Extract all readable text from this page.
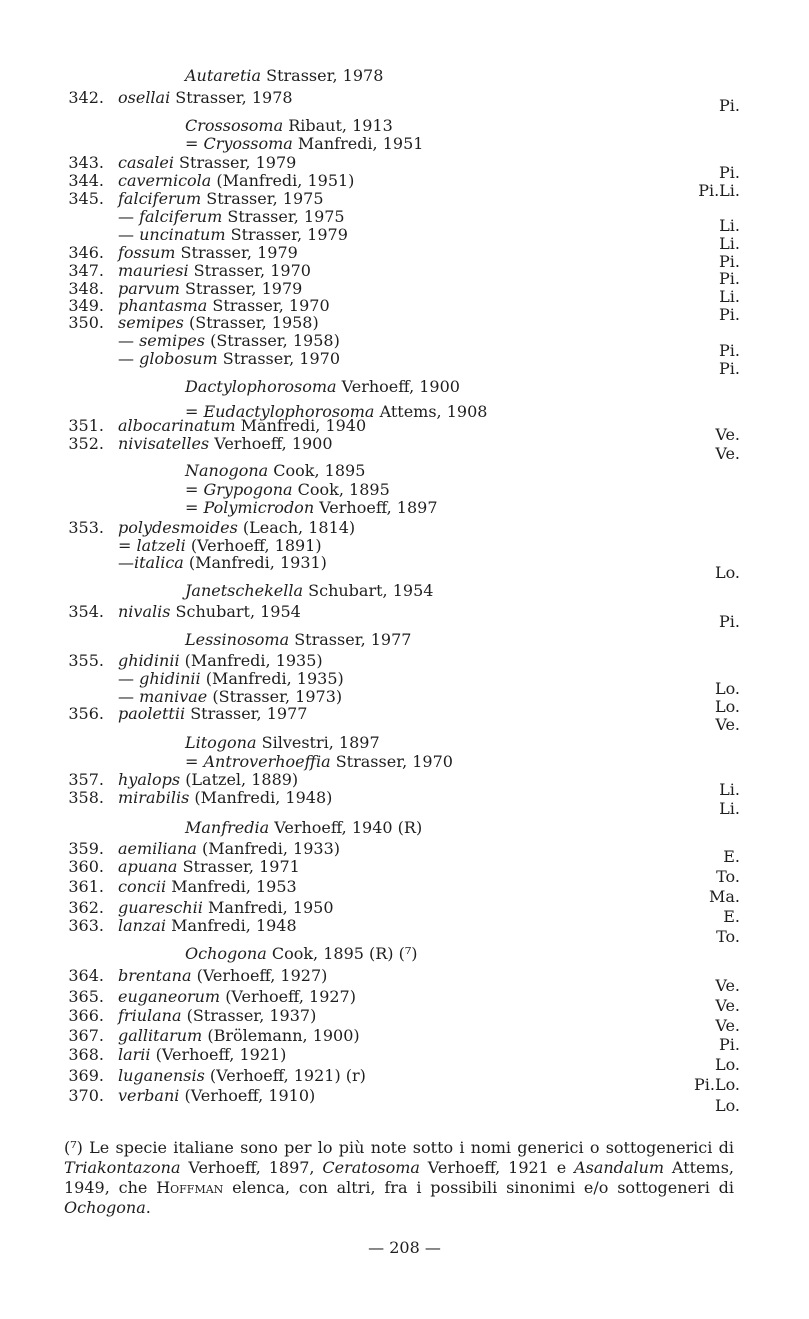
Autaretia Strasser, 1978
342. osellai Strasser, 1978
Crossosoma Ribaut, 1913
= Cryossoma Manfredi, 1951
343. casalei Strasser, 1979
344. cavernicola (Manfredi, 1951)
345. falciferum Strasser, 1975
— falciferum Strasser, 1975
— uncinatum Strasser, 1979
346. fossum Strasser, 1979
347. mauriesi Strasser, 1970
348. parvum Strasser, 1979
349. phantasma Strasser, 1970
350. semipes (Strasser, 1958)
— semipes (Strasser, 1958)
— globosum Strasser, 1970
Dactylophorosoma Verhoeff, 1900
= Eudactylophorosoma Attems, 1908
351. albocarinatum Manfredi, 1940
352. nivisatelles Verhoeff, 1900
Nanogona Cook, 1895
= Grypogona Cook, 1895
= Polymicrodon Verhoeff, 1897
353. polydesmoides (Leach, 1814)
= latzeli (Verhoeff, 1891)
—italica (Manfredi, 1931)
Janetschekella Schubart, 1954
354. nivalis Schubart, 1954
Lessinosoma Strasser, 1977
355. ghidinii (Manfredi, 1935)
— ghidinii (Manfredi, 1935)
— manivae (Strasser, 1973)
356. paolettii Strasser, 1977
Litogona Silvestri, 1897
= Antroverhoeffia Strasser, 1970
357. hyalops (Latzel, 1889)
358. mirabilis (Manfredi, 1948)
Manfredia Verhoeff, 1940 (R)
359. aemiliana (Manfredi, 1933)
360. apuana Strasser, 1971
361. concii Manfredi, 1953
362. guareschii Manfredi, 1950
363. lanzai Manfredi, 1948
Ochogona Cook, 1895 (R) (⁷)
364. brentana (Verhoeff, 1927)
365. euganeorum (Verhoeff, 1927)
366. friulana (Strasser, 1937)
367. gallitarum (Brölemann, 1900)
368. larii (Verhoeff, 1921)
369. luganensis (Verhoeff, 1921) (r)
370. verbani (Verhoeff, 1910)
Pi.
Pi.
Pi.Li.
Li.
Li.
Pi.
Pi.
Li.
Pi.
Pi.
Pi.
Ve.
Ve.
Lo.
Pi.
Lo.
Lo.
Ve.
Li.
Li.
E.
To.
Ma.
E.
To.
Ve.
Ve.
Ve.
Pi.
Lo.
Pi.Lo.
Lo.
(⁷) Le specie italiane sono per lo più note sotto i nomi generici o sottogenerici di Triakontazona Verhoeff, 1897, Ceratosoma Verhoeff, 1921 e Asandalum Attems, 1949, che Hoffman elenca, con altri, fra i possibili sinonimi e/o sottogeneri di Ochogona.
— 208 —
